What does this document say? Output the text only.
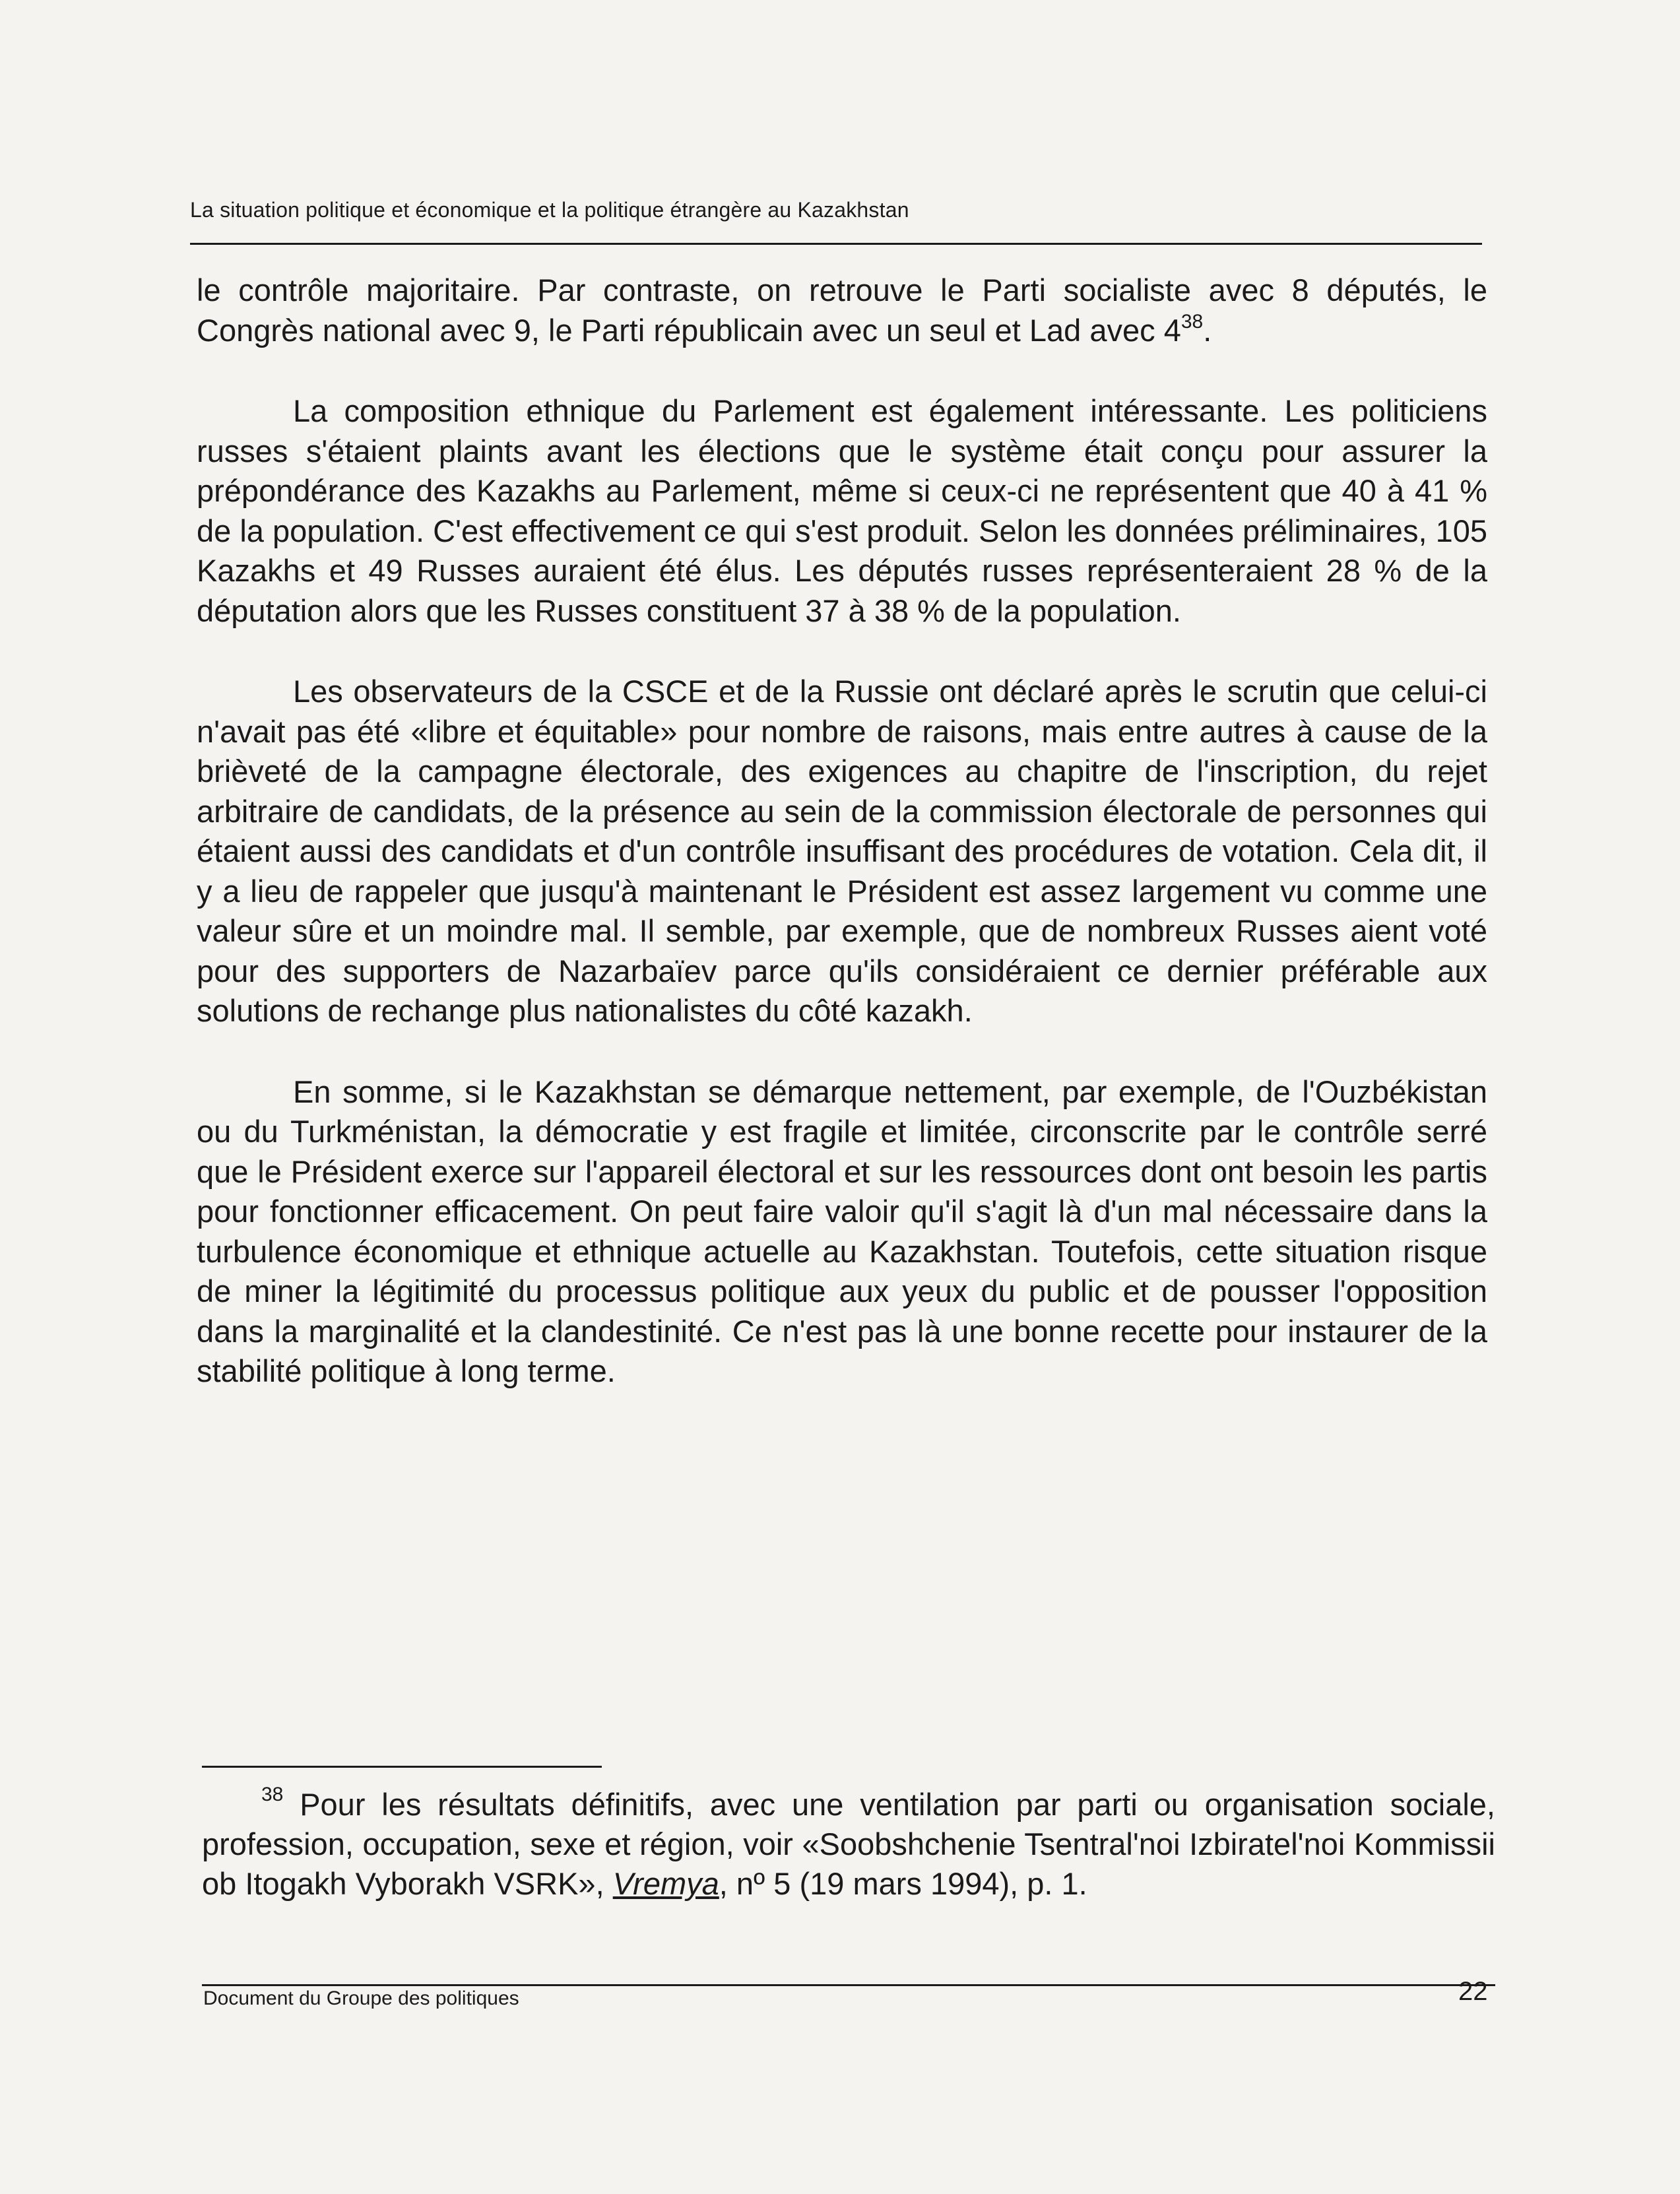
La situation politique et économique et la politique étrangère au Kazakhstan

le contrôle majoritaire. Par contraste, on retrouve le Parti socialiste avec 8 députés, le Congrès national avec 9, le Parti républicain avec un seul et Lad avec $4^{38}$.

La composition ethnique du Parlement est également intéressante. Les politiciens russes s'étaient plaints avant les élections que le système était conçu pour assurer la prépondérance des Kazakhs au Parlement, même si ceux-ci ne représentent que 40 à 41 % de la population. C'est effectivement ce qui s'est produit. Selon les données préliminaires, 105 Kazakhs et 49 Russes auraient été élus. Les députés russes représenteraient 28 % de la députation alors que les Russes constituent 37 à 38 % de la population.

Les observateurs de la CSCE et de la Russie ont déclaré après le scrutin que celui-ci n'avait pas été «libre et équitable» pour nombre de raisons, mais entre autres à cause de la brièveté de la campagne électorale, des exigences au chapitre de l'inscription, du rejet arbitraire de candidats, de la présence au sein de la commission électorale de personnes qui étaient aussi des candidats et d'un contrôle insuffisant des procédures de votation. Cela dit, il y a lieu de rappeler que jusqu'à maintenant le Président est assez largement vu comme une valeur sûre et un moindre mal. Il semble, par exemple, que de nombreux Russes aient voté pour des supporters de Nazarbaïev parce qu'ils considéraient ce dernier préférable aux solutions de rechange plus nationalistes du côté kazakh.

En somme, si le Kazakhstan se démarque nettement, par exemple, de l'Ouzbékistan ou du Turkménistan, la démocratie y est fragile et limitée, circonscrite par le contrôle serré que le Président exerce sur l'appareil électoral et sur les ressources dont ont besoin les partis pour fonctionner efficacement. On peut faire valoir qu'il s'agit là d'un mal nécessaire dans la turbulence économique et ethnique actuelle au Kazakhstan. Toutefois, cette situation risque de miner la légitimité du processus politique aux yeux du public et de pousser l'opposition dans la marginalité et la clandestinité. Ce n'est pas là une bonne recette pour instaurer de la stabilité politique à long terme.

$^{38}$ Pour les résultats définitifs, avec une ventilation par parti ou organisation sociale, profession, occupation, sexe et région, voir «Soobshchenie Tsentral'noi Izbiratel'noi Kommissii ob Itogakh Vyborakh VSRK», Vremya, nº 5 (19 mars 1994), p. 1.

Document du Groupe des politiques	22
